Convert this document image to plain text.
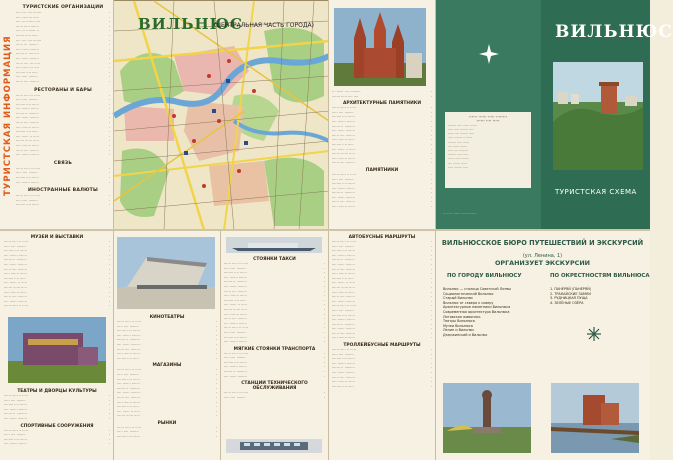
ТУРИСТСКАЯ ИНФОРМАЦИЯ
ТУРИСТСКИЕ ОРГАНИЗАЦИИ
····· ··· ···· ·······	·
····· ········ ·····	·
···· ··· ······ ·····	·
······ ····· ·······	·
····· ·· ········ ··	·
······· ····· ·····	·
···· ···· ···· ·······	·
······ ··· ········	·
····· ······ ·······	·
······· ·· ···· ····	·
···· ······ ········	·
······ ···· ··· ·····	·
····· ······ ·· ····	·
········ ···· ·····	·
···· ····· ········	·
······ ···· ········	·
РЕСТОРАНЫ И БАРЫ
······ ····· ·· ·····	·
····· ···· ········	·
········ ···· ······	·
···· ······· ·······	·
······· ·· ·········	·
···· ······ ········	·
······ ···· ········	·
····· ······· ······	·
········ ···· ·····	·
···· ······ ·· ·····	·
······· ······ ·····	·
····· ······· ······	·
······ ···· ········	·
···· ······· ·······	·
СВЯЗЬ
······ ····· ·· ·····	·
····· ···· ········	·
········ ···· ······	·
···· ······· ·······	·
ИНОСТРАННЫЕ ВАЛЮТЫ
······ ····· ·· ·····	·
····· ···· ········	·
········ ···· ······	·
ВИЛЬНЮС
(ЦЕНТРАЛЬНАЯ ЧАСТЬ ГОРОДА)
·· ······· ···· ·········	·
······· ····· ···· ····	·
АРХИТЕКТУРНЫЕ ПАМЯТНИКИ
······ ····· ·· ·····	·
····· ···· ········	·
········ ···· ······	·
···· ······· ·······	·
······· ·· ·········	·
···· ······ ········	·
······ ···· ········	·
····· ······· ······	·
········ ···· ·····	·
···· ······ ·· ·····	·
······· ······ ·····	·
····· ······· ······	·
······ ···· ········	·
ПАМЯТНИКИ
······ ····· ·· ·····	·
····· ···· ········	·
········ ···· ······	·
···· ······· ·······	·
······· ·· ·········	·
···· ······ ········	·
······ ···· ········	·
····· ······· ······	·
······ ······ ····· ········
······ ···· ·····
········ ····· ······ ·······
····· ····· ········ ····
······ ···· ········ ·····
····· ········ ·· ······
········ ····· ······
···· ······ ·······
····· ···· ·········
········ ····· ·····
······ ······ ·······
···· ······· ······
····· ········ ·····
ВИЛЬНЮС
ТУРИСТСКАЯ СХЕМА
·· ······ ······ ········ ·····
МУЗЕИ И ВЫСТАВКИ
······ ····· ·· ·····	·
····· ···· ········	·
········ ···· ······	·
···· ······· ·······	·
······· ·· ·········	·
···· ······ ········	·
······ ···· ········	·
····· ······· ······	·
········ ···· ·····	·
···· ······ ·· ·····	·
······· ······ ·····	·
····· ······· ······	·
······ ···· ········	·
···· ······· ·······	·
······ ····· ·· ·····	·
ТЕАТРЫ И ДВОРЦЫ КУЛЬТУРЫ
······ ····· ·· ·····	·
····· ···· ········	·
········ ···· ······	·
···· ······· ·······	·
······· ·· ·········	·
···· ······ ········	·
СПОРТИВНЫЕ СООРУЖЕНИЯ
······ ····· ·· ·····	·
····· ···· ········	·
········ ···· ······	·
···· ······· ·······	·
КИНОТЕАТРЫ
······ ····· ·· ·····	·
····· ···· ········	·
········ ···· ······	·
···· ······· ·······	·
······· ·· ·········	·
···· ······ ········	·
······ ···· ········	·
····· ······· ······	·
········ ···· ·····	·
МАГАЗИНЫ
······ ····· ·· ·····	·
····· ···· ········	·
········ ···· ······	·
···· ······· ·······	·
······· ·· ·········	·
···· ······ ········	·
······ ···· ········	·
····· ······· ······	·
········ ···· ·····	·
···· ······ ·· ·····	·
······· ······ ·····	·
РЫНКИ
······ ····· ·· ·····	·
····· ···· ········	·
········ ···· ······	·
СТОЯНКИ ТАКСИ
······ ····· ·· ·····	·
····· ···· ········	·
········ ···· ······	·
···· ······· ·······	·
······· ·· ·········	·
···· ······ ········	·
······ ···· ········	·
····· ······· ······	·
········ ···· ·····	·
···· ······ ·· ·····	·
······· ······ ·····	·
····· ······· ······	·
······ ···· ········	·
···· ······· ·······	·
······ ····· ·· ·····	·
····· ···· ········	·
········ ···· ······	·
···· ······· ·······	·
МЯГКИЕ СТОЯНКИ ТРАНСПОРТА
······ ····· ·· ·····	·
····· ···· ········	·
········ ···· ······	·
···· ······· ·······	·
······· ·· ·········	·
···· ······ ········	·
СТАНЦИИ ТЕХНИЧЕСКОГО ОБСЛУЖИВАНИЯ
······ ····· ·· ·····	·
····· ···· ········	·
АВТОБУСНЫЕ МАРШРУТЫ
······ ····· ·· ·····	·
····· ···· ········	·
········ ···· ······	·
···· ······· ·······	·
······· ·· ·········	·
···· ······ ········	·
······ ···· ········	·
····· ······· ······	·
········ ···· ·····	·
···· ······ ·· ·····	·
······· ······ ·····	·
····· ······· ······	·
······ ···· ········	·
···· ······· ·······	·
······ ····· ·· ·····	·
····· ···· ········	·
········ ···· ······	·
···· ······· ·······	·
······· ·· ·········	·
···· ······ ········	·
······ ···· ········	·
····· ······· ······	·
ТРОЛЛЕЙБУСНЫЕ МАРШРУТЫ
······ ····· ·· ·····	·
····· ···· ········	·
········ ···· ······	·
···· ······· ·······	·
······· ·· ·········	·
···· ······ ········	·
······ ···· ········	·
····· ······· ······	·
········ ···· ·····	·
ВИЛЬНЮССКОЕ БЮРО ПУТЕШЕСТВИЙ И ЭКСКУРСИЙ
(ул. Ленина, 1)
ОРГАНИЗУЕТ ЭКСКУРСИИ
ПО ГОРОДУ ВИЛЬНЮСУ	ПО ОКРЕСТНОСТЯМ ВИЛЬНЮСА
Вильнюс — столица Советской Литвы
Социалистический Вильнюс
Старый Вильнюс
Вильнюс от сквера к скверу
Архитектурные памятники Вильнюса
Современная архитектура Вильнюса
Литовская живопись
Театры Вильнюса
Музеи Вильнюса
Ленин и Вильнюс
Дзержинский и Вильнюс
1. ПАНЕРЯЙ (ПАНЕРЯЙ)
2. ТРАКАЙСКИЕ ЗАМКИ
3. РУДНИЦКАЯ ПУЩА
4. ЗЕЛЁНЫЕ ОЗЁРА
